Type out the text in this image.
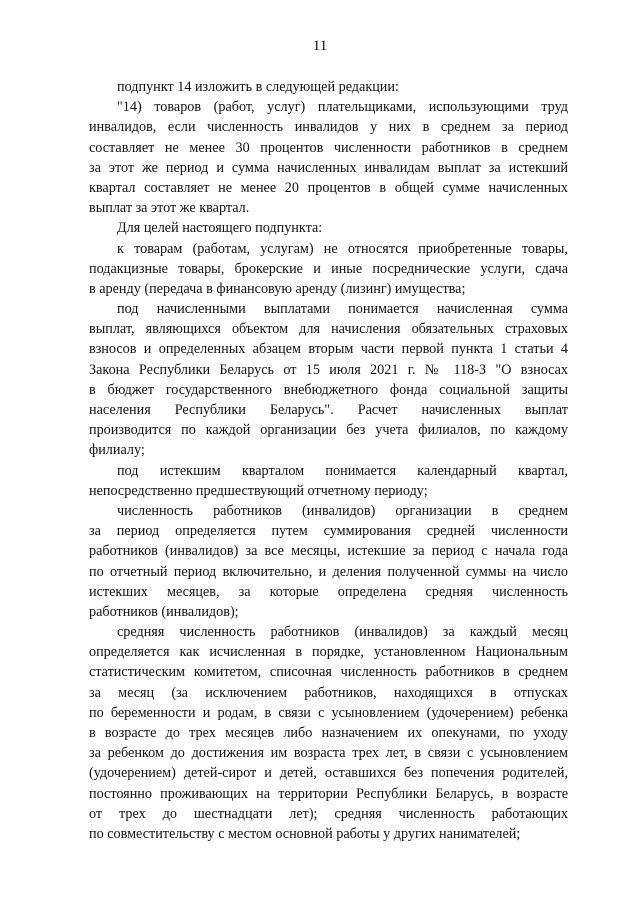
11
подпункт 14 изложить в следующей редакции:
"14) товаров (работ, услуг) плательщиками, использующими труд
инвалидов, если численность инвалидов у них в среднем за период
составляет не менее 30 процентов численности работников в среднем
за этот же период и сумма начисленных инвалидам выплат за истекший
квартал составляет не менее 20 процентов в общей сумме начисленных
выплат за этот же квартал.
Для целей настоящего подпункта:
к товарам (работам, услугам) не относятся приобретенные товары,
подакцизные товары, брокерские и иные посреднические услуги, сдача
в аренду (передача в финансовую аренду (лизинг) имущества;
под начисленными выплатами понимается начисленная сумма
выплат, являющихся объектом для начисления обязательных страховых
взносов и определенных абзацем вторым части первой пункта 1 статьи 4
Закона Республики Беларусь от 15 июля 2021 г. № 118-З "О взносах
в бюджет государственного внебюджетного фонда социальной защиты
населения Республики Беларусь". Расчет начисленных выплат
производится по каждой организации без учета филиалов, по каждому
филиалу;
под истекшим кварталом понимается календарный квартал,
непосредственно предшествующий отчетному периоду;
численность работников (инвалидов) организации в среднем
за период определяется путем суммирования средней численности
работников (инвалидов) за все месяцы, истекшие за период с начала года
по отчетный период включительно, и деления полученной суммы на число
истекших месяцев, за которые определена средняя численность
работников (инвалидов);
средняя численность работников (инвалидов) за каждый месяц
определяется как исчисленная в порядке, установленном Национальным
статистическим комитетом, списочная численность работников в среднем
за месяц (за исключением работников, находящихся в отпусках
по беременности и родам, в связи с усыновлением (удочерением) ребенка
в возрасте до трех месяцев либо назначением их опекунами, по уходу
за ребенком до достижения им возраста трех лет, в связи с усыновлением
(удочерением) детей-сирот и детей, оставшихся без попечения родителей,
постоянно проживающих на территории Республики Беларусь, в возрасте
от трех до шестнадцати лет); средняя численность работающих
по совместительству с местом основной работы у других нанимателей;
